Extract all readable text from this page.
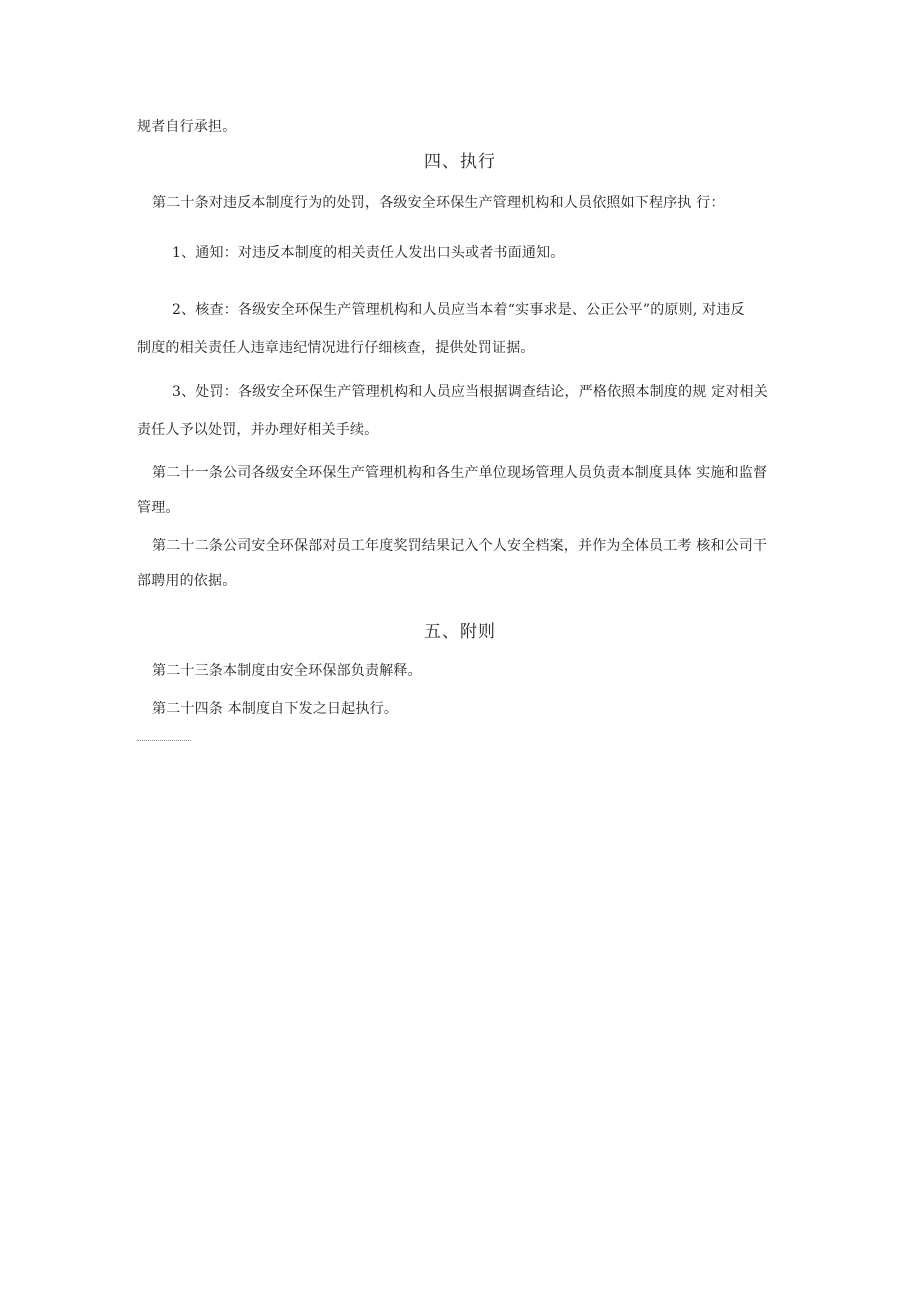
规者自行承担。
四、执行
第二十条对违反本制度行为的处罚，各级安全环保生产管理机构和人员依照如下程序执 行：
1、通知：对违反本制度的相关责任人发出口头或者书面通知。
2、核查：各级安全环保生产管理机构和人员应当本着“实事求是、公正公平”的原则, 对违反
制度的相关责任人违章违纪情况进行仔细核查，提供处罚证据。
3、处罚：各级安全环保生产管理机构和人员应当根据调查结论，严格依照本制度的规 定对相关
责任人予以处罚，并办理好相关手续。
第二十一条公司各级安全环保生产管理机构和各生产单位现场管理人员负责本制度具体 实施和监督
管理。
第二十二条公司安全环保部对员工年度奖罚结果记入个人安全档案，并作为全体员工考 核和公司干
部聘用的依据。
五、附则
第二十三条本制度由安全环保部负责解释。
第二十四条 本制度自下发之日起执行。
